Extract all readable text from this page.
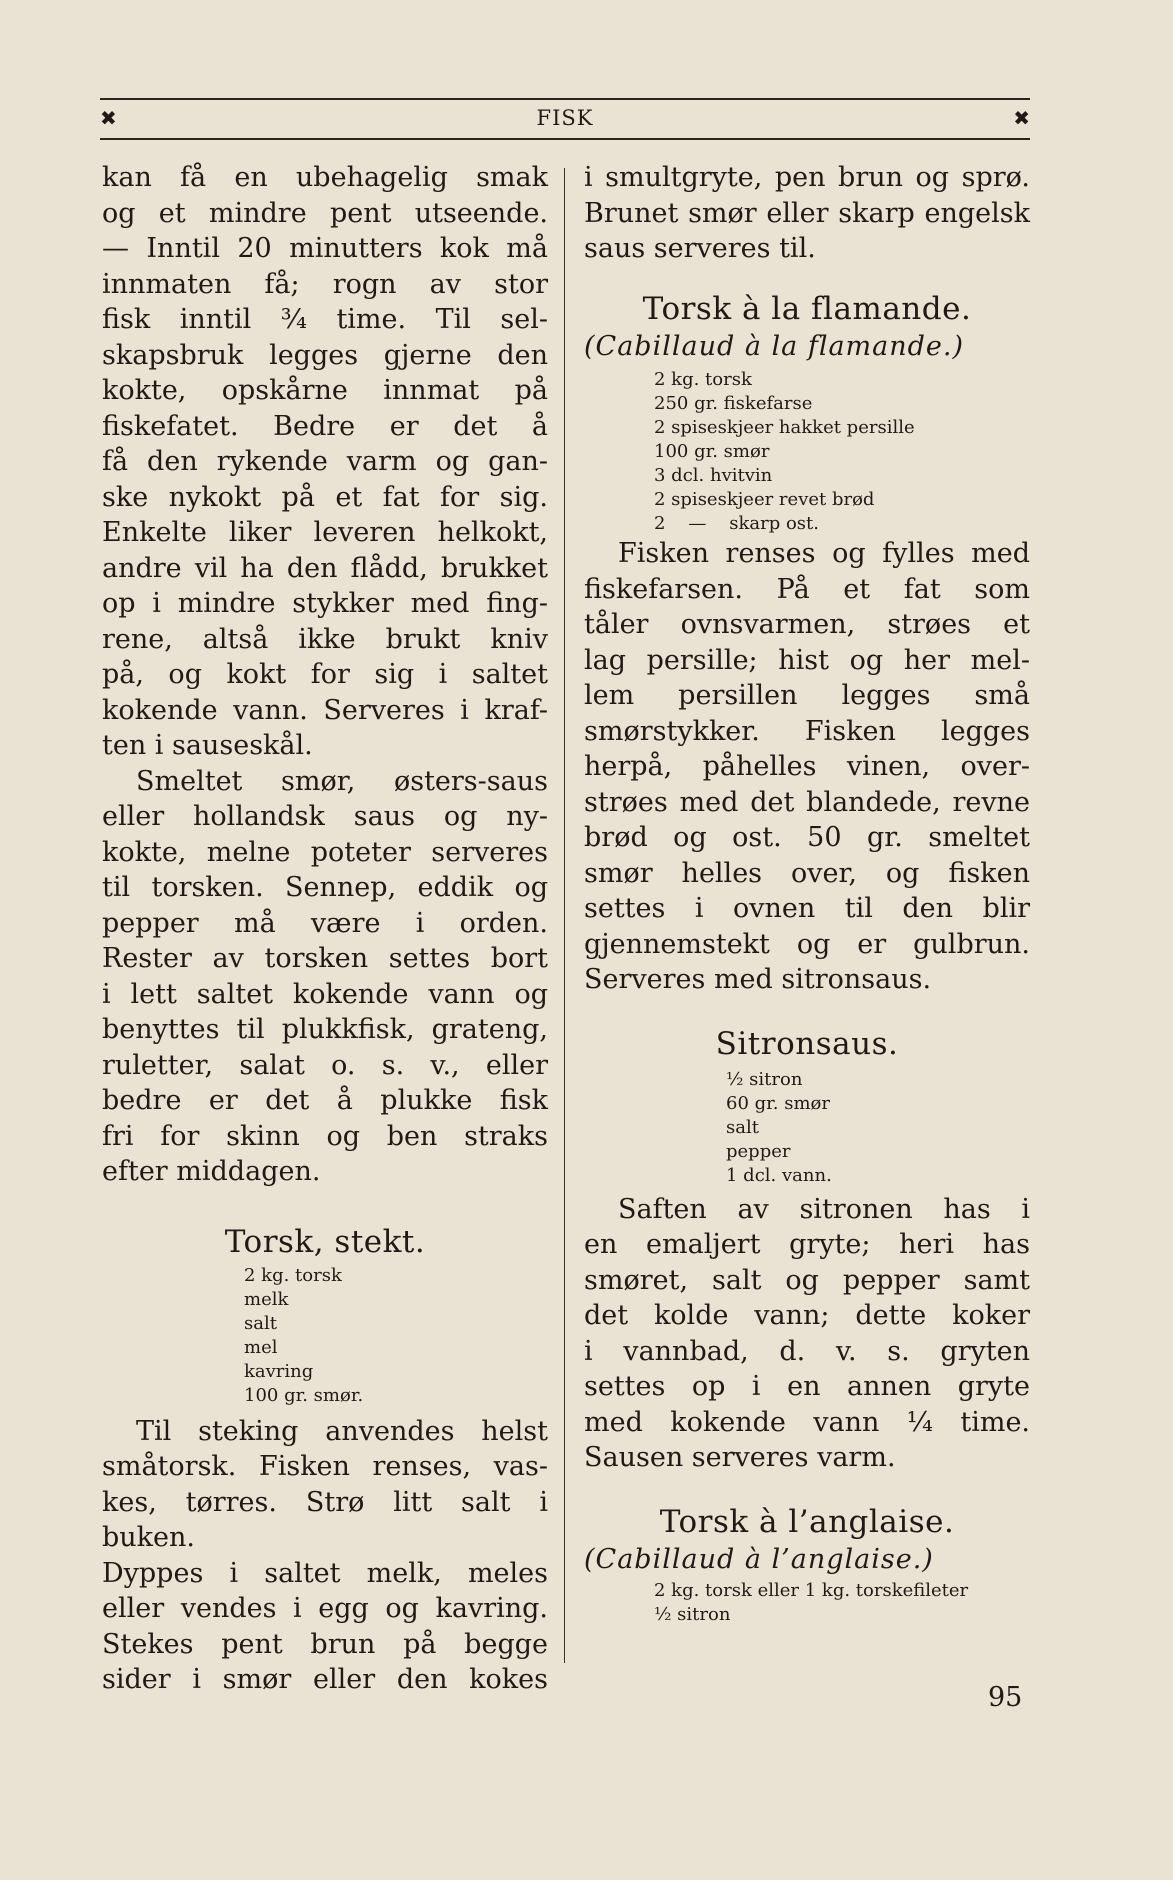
✖	FISK	✖
kan få en ubehagelig smak
og et mindre pent utseende.
— Inntil 20 minutters kok må
innmaten få; rogn av stor
fisk inntil ¾ time. Til sel-
skapsbruk legges gjerne den
kokte, opskårne innmat på
fiskefatet. Bedre er det å
få den rykende varm og gan-
ske nykokt på et fat for sig.
Enkelte liker leveren helkokt,
andre vil ha den flådd, brukket
op i mindre stykker med fing-
rene, altså ikke brukt kniv
på, og kokt for sig i saltet
kokende vann. Serveres i kraf-
ten i sauseskål.
Smeltet smør, østers-saus
eller hollandsk saus og ny-
kokte, melne poteter serveres
til torsken. Sennep, eddik og
pepper må være i orden.
Rester av torsken settes bort
i lett saltet kokende vann og
benyttes til plukkfisk, grateng,
ruletter, salat o. s. v., eller
bedre er det å plukke fisk
fri for skinn og ben straks
efter middagen.
Torsk, stekt.
2 kg. torsk
melk
salt
mel
kavring
100 gr. smør.
Til steking anvendes helst
småtorsk. Fisken renses, vas-
kes, tørres. Strø litt salt i buken.
Dyppes i saltet melk, meles
eller vendes i egg og kavring.
Stekes pent brun på begge
sider i smør eller den kokes
i smultgryte, pen brun og sprø.
Brunet smør eller skarp engelsk
saus serveres til.
Torsk à la flamande.

(Cabillaud à la flamande.)

2 kg. torsk
250 gr. fiskefarse
2 spiseskjeer hakket persille
100 gr. smør
3 dcl. hvitvin
2 spiseskjeer revet brød
2    —    skarp ost.
Fisken renses og fylles med
fiskefarsen. På et fat som
tåler ovnsvarmen, strøes et
lag persille; hist og her mel-
lem persillen legges små
smørstykker. Fisken legges
herpå, påhelles vinen, over-
strøes med det blandede, revne
brød og ost. 50 gr. smeltet
smør helles over, og fisken
settes i ovnen til den blir
gjennemstekt og er gulbrun.
Serveres med sitronsaus.
Sitronsaus.
½ sitron
60 gr. smør
salt
pepper
1 dcl. vann.
Saften av sitronen has i
en emaljert gryte; heri has
smøret, salt og pepper samt
det kolde vann; dette koker
i vannbad, d. v. s. gryten
settes op i en annen gryte
med kokende vann ¼ time.
Sausen serveres varm.
Torsk à l’anglaise.

(Cabillaud à l’anglaise.)

2 kg. torsk eller 1 kg. torskefileter
½ sitron
95
